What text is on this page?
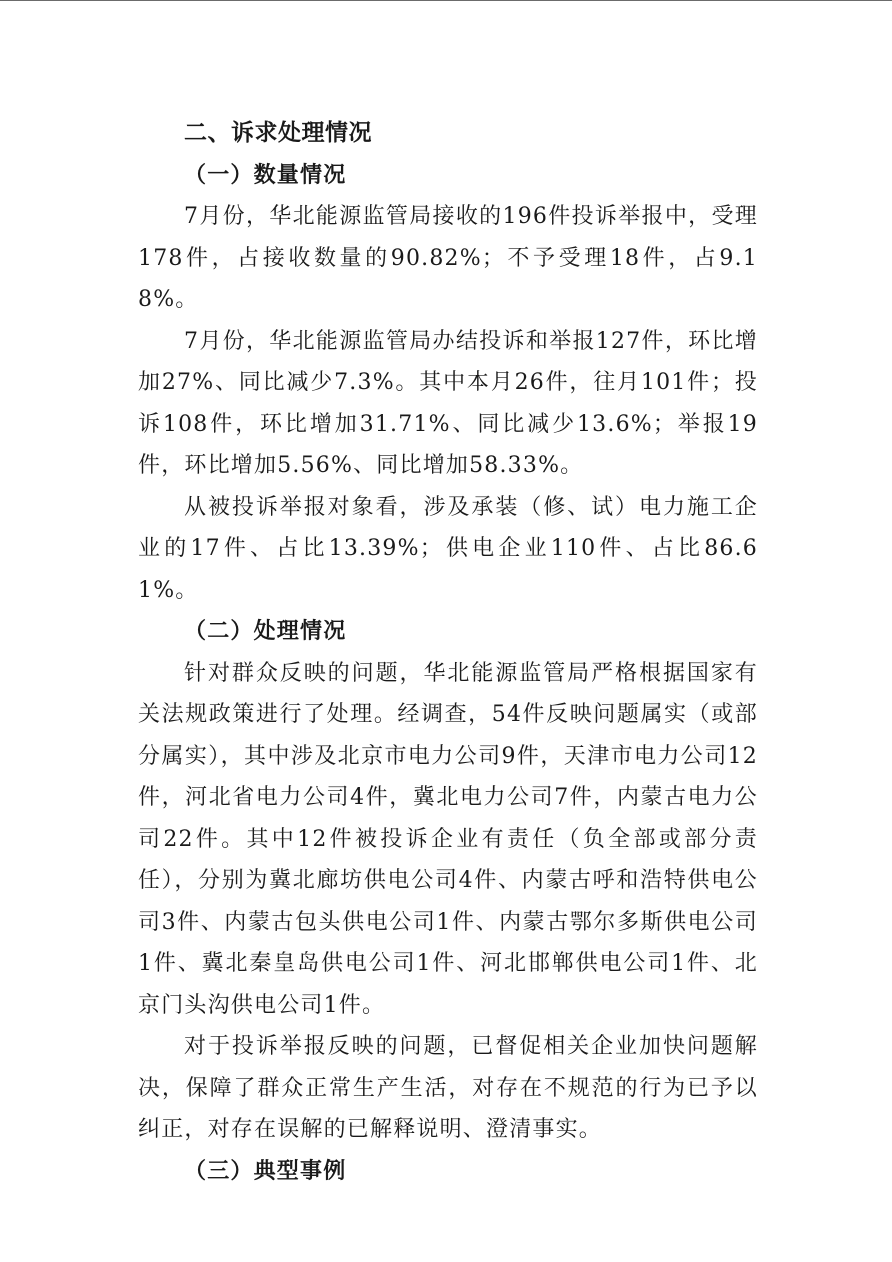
二、诉求处理情况

（一）数量情况

7月份，华北能源监管局接收的196件投诉举报中，受理178件，占接收数量的90.82%；不予受理18件，占9.18%。

7月份，华北能源监管局办结投诉和举报127件，环比增加27%、同比减少7.3%。其中本月26件，往月101件；投诉108件，环比增加31.71%、同比减少13.6%；举报19件，环比增加5.56%、同比增加58.33%。

从被投诉举报对象看，涉及承装（修、试）电力施工企业的17件、占比13.39%；供电企业110件、占比86.61%。

（二）处理情况

针对群众反映的问题，华北能源监管局严格根据国家有关法规政策进行了处理。经调查，54件反映问题属实（或部分属实），其中涉及北京市电力公司9件，天津市电力公司12件，河北省电力公司4件，冀北电力公司7件，内蒙古电力公司22件。其中12件被投诉企业有责任（负全部或部分责任），分别为冀北廊坊供电公司4件、内蒙古呼和浩特供电公司3件、内蒙古包头供电公司1件、内蒙古鄂尔多斯供电公司1件、冀北秦皇岛供电公司1件、河北邯郸供电公司1件、北京门头沟供电公司1件。

对于投诉举报反映的问题，已督促相关企业加快问题解决，保障了群众正常生产生活，对存在不规范的行为已予以纠正，对存在误解的已解释说明、澄清事实。

（三）典型事例
